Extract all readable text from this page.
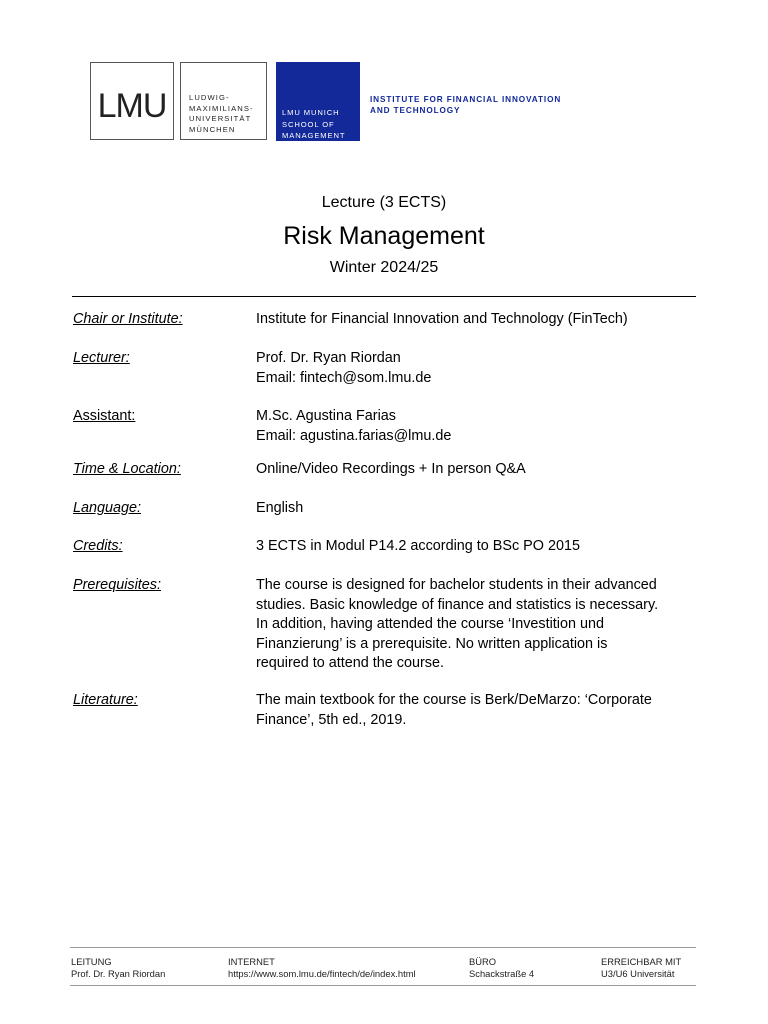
LMU	LUDWIG-
MAXIMILIANS-
UNIVERSITÄT
MÜNCHEN
LMU MUNICH
SCHOOL OF
MANAGEMENT
INSTITUTE FOR FINANCIAL INNOVATION
AND TECHNOLOGY
Lecture (3 ECTS)
Risk Management
Winter 2024/25
Chair or Institute:	Institute for Financial Innovation and Technology (FinTech)
Lecturer:	Prof. Dr. Ryan Riordan
Email: fintech@som.lmu.de
Assistant:	M.Sc. Agustina Farias
Email: agustina.farias@lmu.de
Time & Location:	Online/Video Recordings + In person Q&A
Language:	English
Credits:	3 ECTS in Modul P14.2 according to BSc PO 2015
Prerequisites:	The course is designed for bachelor students in their advanced
studies. Basic knowledge of finance and statistics is necessary.
In addition, having attended the course ‘Investition und
Finanzierung’ is a prerequisite. No written application is
required to attend the course.
Literature:	The main textbook for the course is Berk/DeMarzo: ‘Corporate
Finance’, 5th ed., 2019.
LEITUNG
Prof. Dr. Ryan Riordan
INTERNET
https://www.som.lmu.de/fintech/de/index.html
BÜRO
Schackstraße 4
ERREICHBAR MIT
U3/U6 Universität
